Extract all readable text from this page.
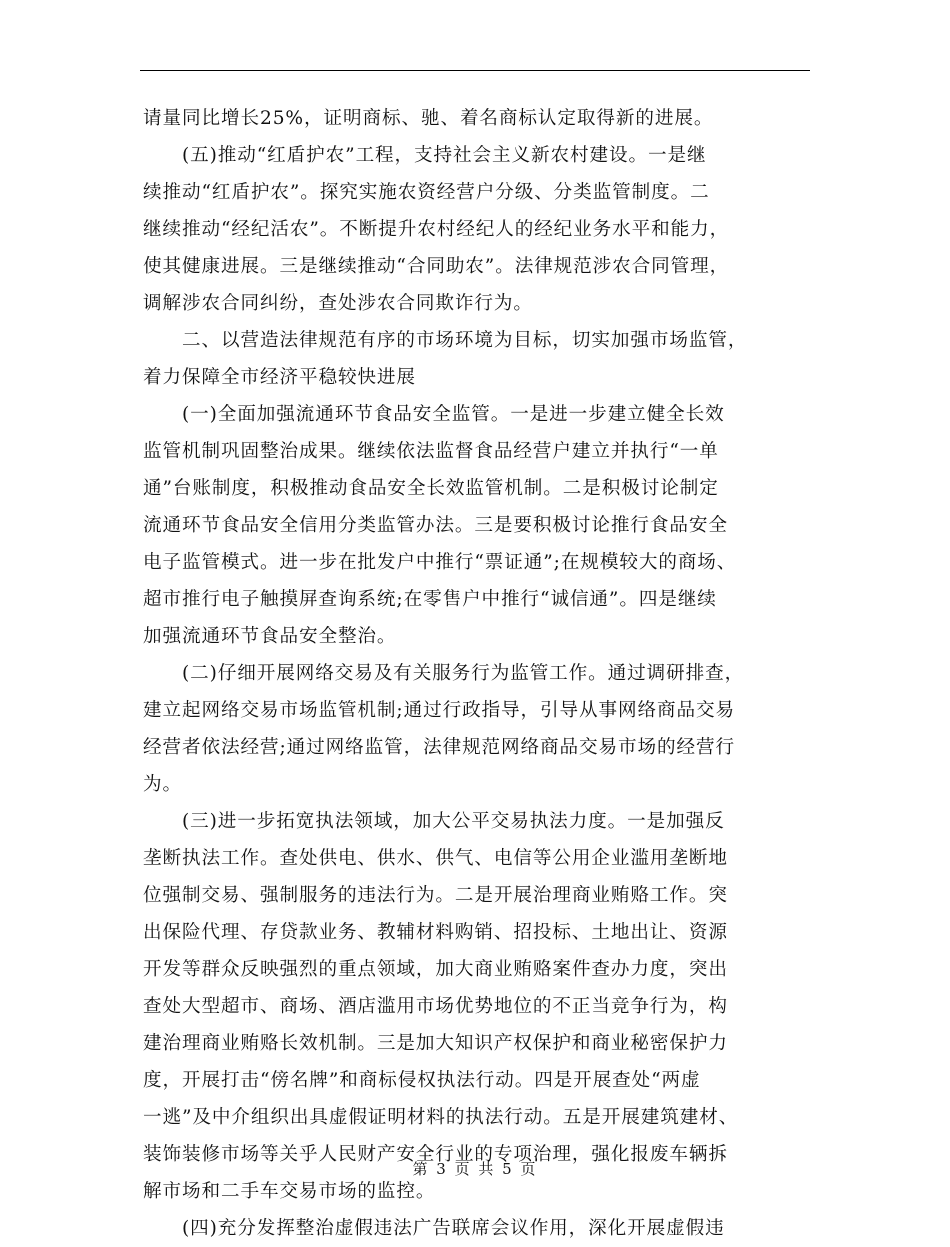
请量同比增长25%，证明商标、驰、着名商标认定取得新的进展。
　　(五)推动“红盾护农”工程，支持社会主义新农村建设。一是继
续推动“红盾护农”。探究实施农资经营户分级、分类监管制度。二
继续推动“经纪活农”。不断提升农村经纪人的经纪业务水平和能力，
使其健康进展。三是继续推动“合同助农”。法律规范涉农合同管理，
调解涉农合同纠纷，查处涉农合同欺诈行为。
　　二、以营造法律规范有序的市场环境为目标，切实加强市场监管，
着力保障全市经济平稳较快进展
　　(一)全面加强流通环节食品安全监管。一是进一步建立健全长效
监管机制巩固整治成果。继续依法监督食品经营户建立并执行“一单
通”台账制度，积极推动食品安全长效监管机制。二是积极讨论制定
流通环节食品安全信用分类监管办法。三是要积极讨论推行食品安全
电子监管模式。进一步在批发户中推行“票证通”;在规模较大的商场、
超市推行电子触摸屏查询系统;在零售户中推行“诚信通”。四是继续
加强流通环节食品安全整治。
　　(二)仔细开展网络交易及有关服务行为监管工作。通过调研排查，
建立起网络交易市场监管机制;通过行政指导，引导从事网络商品交易
经营者依法经营;通过网络监管，法律规范网络商品交易市场的经营行
为。
　　(三)进一步拓宽执法领域，加大公平交易执法力度。一是加强反
垄断执法工作。查处供电、供水、供气、电信等公用企业滥用垄断地
位强制交易、强制服务的违法行为。二是开展治理商业贿赂工作。突
出保险代理、存贷款业务、教辅材料购销、招投标、土地出让、资源
开发等群众反映强烈的重点领域，加大商业贿赂案件查办力度，突出
查处大型超市、商场、酒店滥用市场优势地位的不正当竞争行为，构
建治理商业贿赂长效机制。三是加大知识产权保护和商业秘密保护力
度，开展打击“傍名牌”和商标侵权执法行动。四是开展查处“两虚
一逃”及中介组织出具虚假证明材料的执法行动。五是开展建筑建材、
装饰装修市场等关乎人民财产安全行业的专项治理，强化报废车辆拆
解市场和二手车交易市场的监控。
　　(四)充分发挥整治虚假违法广告联席会议作用，深化开展虚假违
第 3 页 共 5 页
